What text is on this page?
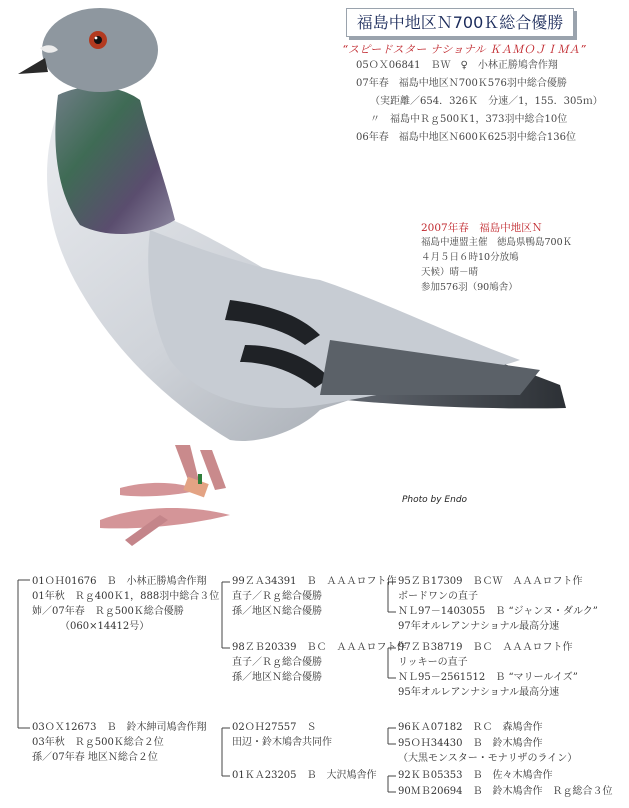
福島中地区Ｎ700Ｋ総合優勝
“スピードスター ナショナル ＫＡＭＯＪＩＭＡ”
05ＯＸ06841　ＢＷ　♀　小林正勝鳩舎作翔
07年春　福島中地区Ｎ700Ｋ576羽中総合優勝
（実距離／654．326Ｋ　分速／1，155．305ｍ）
〃　福島中Ｒｇ500Ｋ1，373羽中総合10位
06年春　福島中地区Ｎ600Ｋ625羽中総合136位
2007年春　福島中地区Ｎ
福島中連盟主催　徳島県鴨島700Ｋ
４月５日６時10分放鳩
天候）晴－晴
参加576羽（90鳩舎）
Photo by Endo
01ＯＨ01676　Ｂ　小林正勝鳩舎作翔
01年秋　Ｒｇ400Ｋ1，888羽中総合３位
姉／07年春　Ｒｇ500Ｋ総合優勝
（060×14412号）
99ＺＡ34391　Ｂ　ＡＡＡロフト作
直子／Ｒｇ総合優勝
孫／地区Ｎ総合優勝
98ＺＢ20339　ＢＣ　ＡＡＡロフト作
直子／Ｒｇ総合優勝
孫／地区Ｎ総合優勝
95ＺＢ17309　ＢＣＷ　ＡＡＡロフト作
ボードワンの直子
ＮＬ97－1403055　Ｂ “ジャンヌ・ダルク”
97年オルレアンナショナル最高分速
97ＺＢ38719　ＢＣ　ＡＡＡロフト作
リッキーの直子
ＮＬ95－2561512　Ｂ “マリールイズ”
95年オルレアンナショナル最高分速
03ＯＸ12673　Ｂ　鈴木紳司鳩舎作翔
03年秋　Ｒｇ500Ｋ総合２位
孫／07年春 地区Ｎ総合２位
02ＯＨ27557　Ｓ
田辺・鈴木鳩舎共同作
01ＫＡ23205　Ｂ　大沢鳩舎作
96ＫＡ07182　ＲＣ　森鳩舎作
95ＯＨ34430　Ｂ　鈴木鳩舎作
（大黒モンスター・モナリザのライン）
92ＫＢ05353　Ｂ　佐々木鳩舎作
90ＭＢ20694　Ｂ　鈴木鳩舎作　Ｒｇ総合３位
